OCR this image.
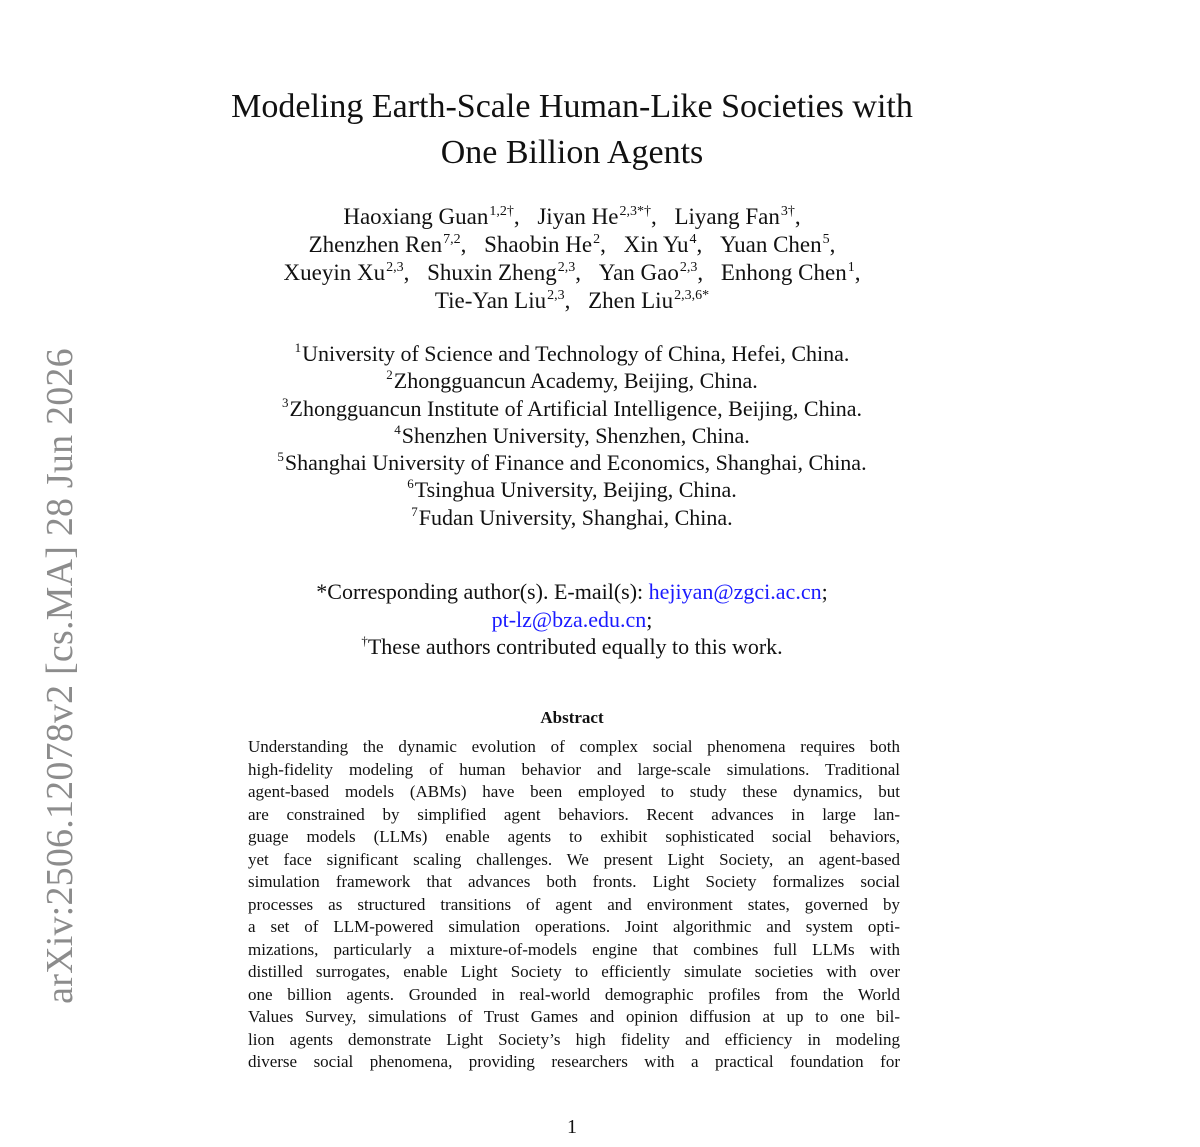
arXiv:2506.12078v2 [cs.MA] 28 Jun 2026
Modeling Earth-Scale Human-Like Societies with
One Billion Agents
Haoxiang Guan$^{1,2\dagger}$, Jiyan $He^{2,3*\dagger}$, Liyang Fan$^{3\dagger}$,
Zhenzhen Ren$^{7,2}$, Shaobin He$^2$, Xin Yu$^4$, Yuan Chen$^5$,
Xueyin Xu$^{2,3}$, Shuxin Zheng$^{2,3}$, Yan Gao$^{2,3}$, Enhong Chen$^1$,
Tie-Yan Liu$^{2,3}$, Zhen Liu$^{2,3,6*}$
$^1$University of Science and Technology of China, Hefei, China.
$^2$Zhongguancun Academy, Beijing, China.
$^3$Zhongguancun Institute of Artificial Intelligence, Beijing, China.
$^4$Shenzhen University, Shenzhen, China.
$^5$Shanghai University of Finance and Economics, Shanghai, China.
$^6$Tsinghua University, Beijing, China.
$^7$Fudan University, Shanghai, China.
*Corresponding author(s). E-mail(s): hejiyan@zgci.ac.cn;
pt-lz@bza.edu.cn;
†These authors contributed equally to this work.
Abstract
Understanding the dynamic evolution of complex social phenomena requires both
high-fidelity modeling of human behavior and large-scale simulations. Traditional
agent-based models (ABMs) have been employed to study these dynamics, but
are constrained by simplified agent behaviors. Recent advances in large lan-
guage models (LLMs) enable agents to exhibit sophisticated social behaviors,
yet face significant scaling challenges. We present Light Society, an agent-based
simulation framework that advances both fronts. Light Society formalizes social
processes as structured transitions of agent and environment states, governed by
a set of LLM-powered simulation operations. Joint algorithmic and system opti-
mizations, particularly a mixture-of-models engine that combines full LLMs with
distilled surrogates, enable Light Society to efficiently simulate societies with over
one billion agents. Grounded in real-world demographic profiles from the World
Values Survey, simulations of Trust Games and opinion diffusion at up to one bil-
lion agents demonstrate Light Society’s high fidelity and efficiency in modeling
diverse social phenomena, providing researchers with a practical foundation for
1
